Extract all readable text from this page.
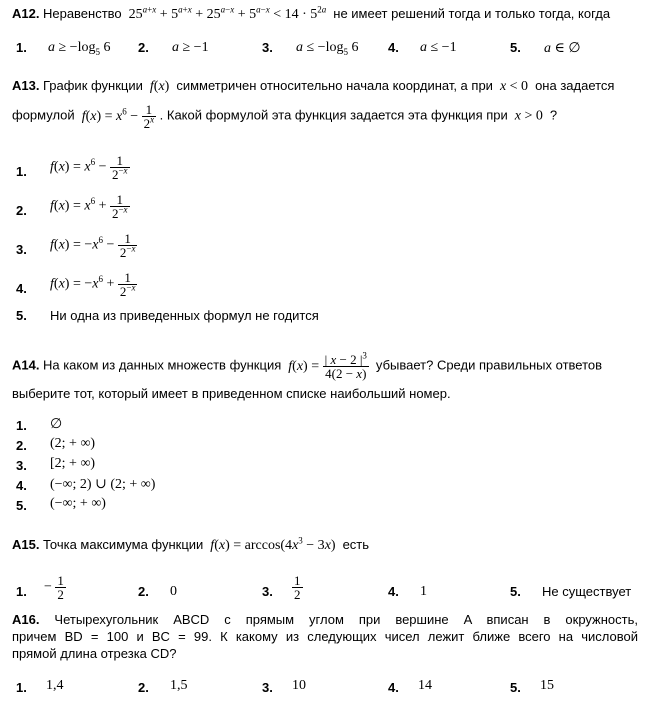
А12. Неравенство  $25^{a+x} + 5^{a+x} + 25^{a-x} + 5^{a-x} < 14 \cdot 5^{2a}$ не имеет решений тогда и только тогда, когда
1. $a \ge -\log_5$ 6 2. a ≥ −1	3. $a \le -\log_5$ 6 4. a ≤ −1	5. a ∈ ∅
А13. График функции f(x)  симметричен относительно начала координат, а при x < 0  она задается
формулой $f(x) = x^6 - \frac{1}{2^x}$ . Какой формулой эта функция задается эта функция при x > 0  ?
1. $f(x) = x^6 - \frac{1}{2^{-x}}$
2. $f(x) = x^6 + \frac{1}{2^{-x}}$
3. $f(x) = -x^6 - \frac{1}{2^{-x}}$
4. $f(x) = -x^6 + \frac{1}{2^{-x}}$
5. Ни одна из приведенных формул не годится
А14. На каком из данных множеств функция $f(x) = \frac{| x - 2 |^3}{4(2 - x)}$ убывает? Среди правильных ответов
выберите тот, который имеет в приведенном списке наибольший номер.
1. ∅
2. (2; + ∞)
3. [2; + ∞)
4. (−∞; 2) ∪ (2; + ∞)
5. (−∞; + ∞)
А15. Точка максимума функции $f(x) = \arccos(4x^3 - 3x)$  есть
1. − $\frac{1}{2}$	2. 0	3. $\frac{1}{2}$	4. 1	5. Не существует
А16. Четырехугольник ABCD с прямым углом при вершине A вписан в окружность,
причем BD = 100 и BC = 99. К какому из следующих чисел лежит ближе всего на числовой
прямой длина отрезка CD?
1. 1,4	2. 1,5	3. 10	4. 14	5. 15
